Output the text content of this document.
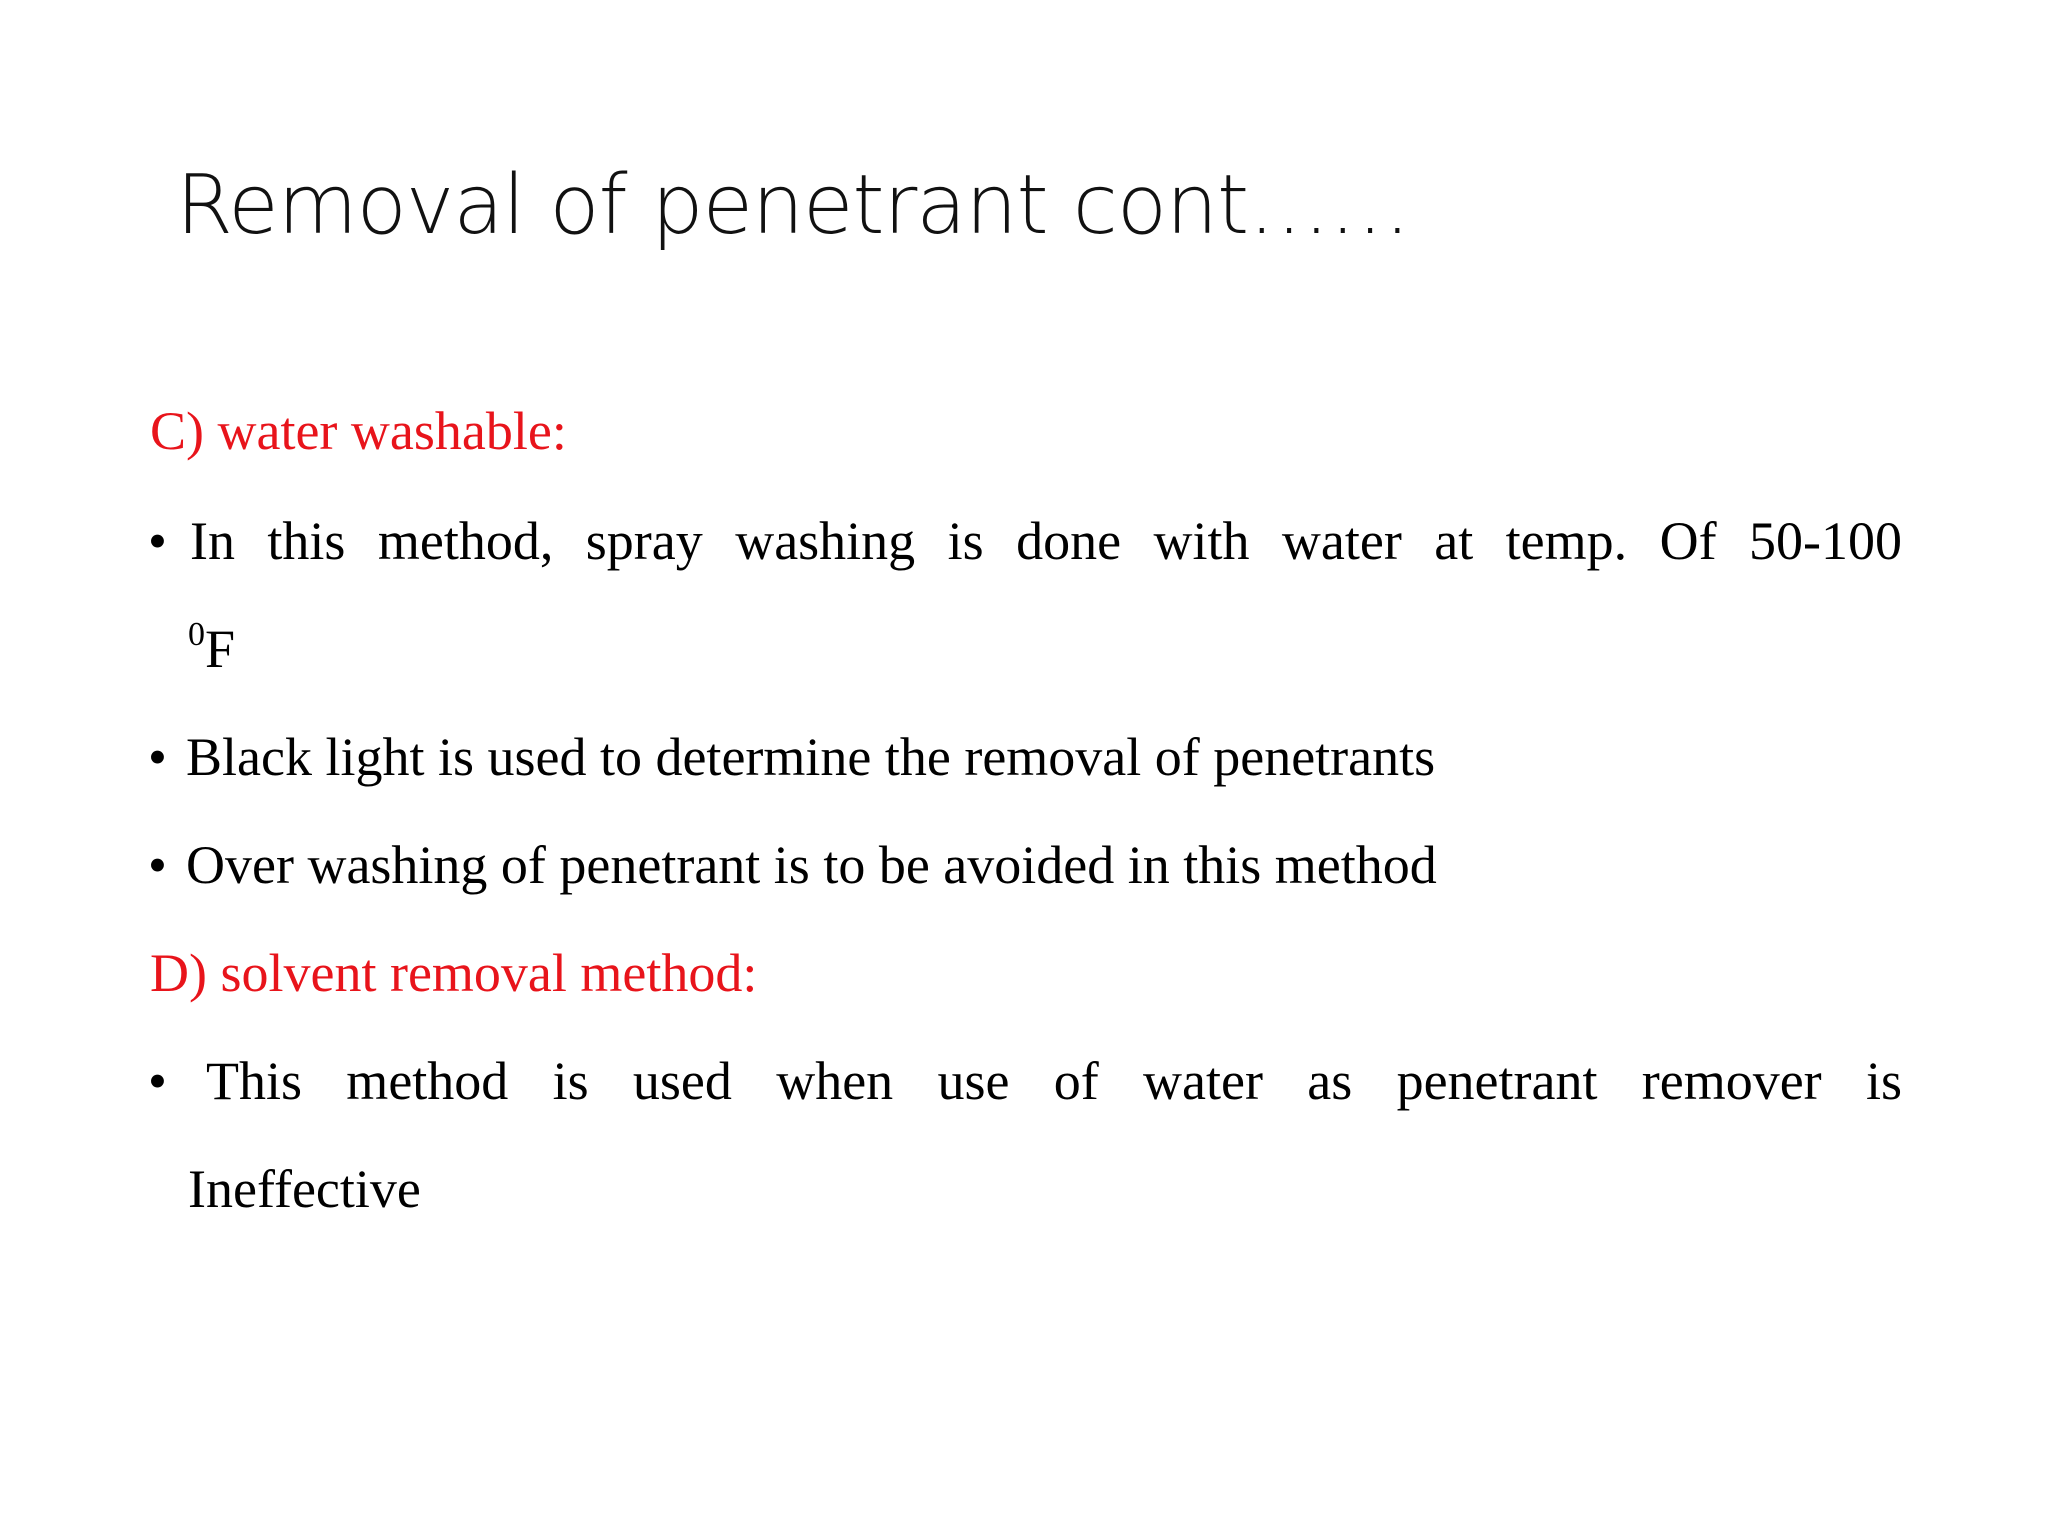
Removal of penetrant cont……
C) water washable:
• In this method, spray washing is done with water at temp. Of 50-100
$^0$F
• Black light is used to determine the removal of penetrants
• Over washing of penetrant is to be avoided in this method
D) solvent removal method:
• This method is used when use of water as penetrant remover is
Ineffective
